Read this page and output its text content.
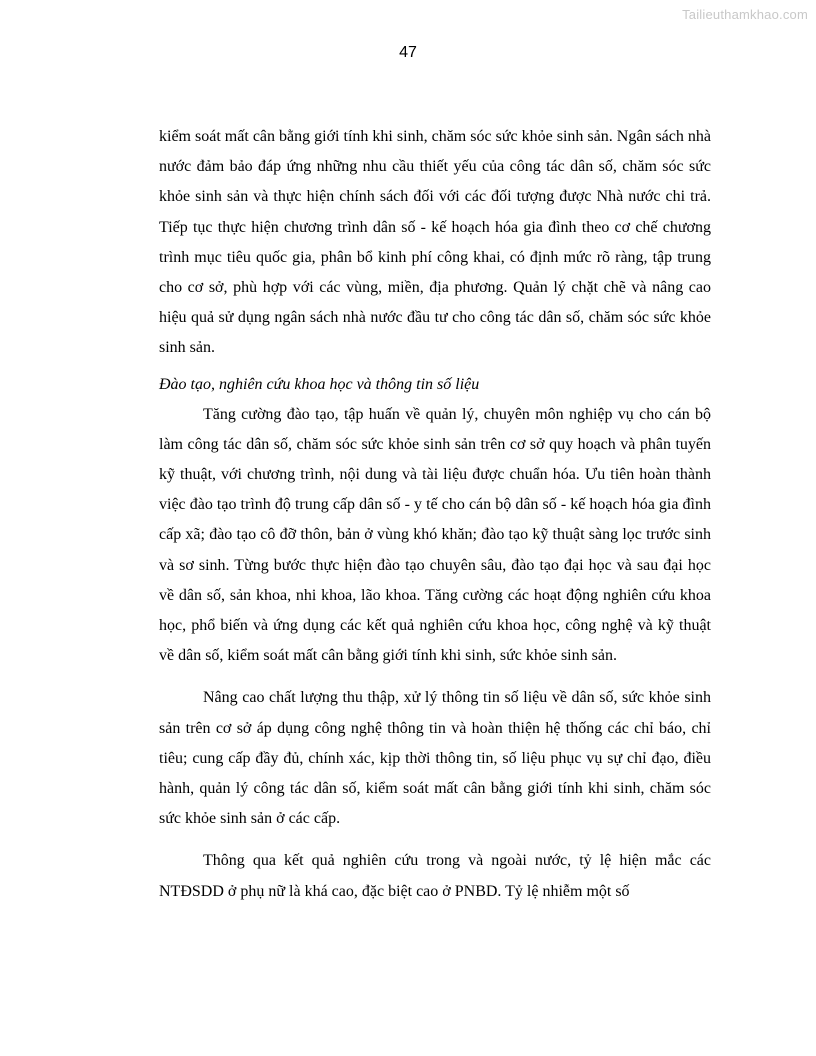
Tailieuthamkhao.com
47

kiểm soát mất cân bằng giới tính khi sinh, chăm sóc sức khỏe sinh sản. Ngân sách nhà nước đảm bảo đáp ứng những nhu cầu thiết yếu của công tác dân số, chăm sóc sức khỏe sinh sản và thực hiện chính sách đối với các đối tượng được Nhà nước chi trả. Tiếp tục thực hiện chương trình dân số - kế hoạch hóa gia đình theo cơ chế chương trình mục tiêu quốc gia, phân bổ kinh phí công khai, có định mức rõ ràng, tập trung cho cơ sở, phù hợp với các vùng, miền, địa phương. Quản lý chặt chẽ và nâng cao hiệu quả sử dụng ngân sách nhà nước đầu tư cho công tác dân số, chăm sóc sức khỏe sinh sản.

Đào tạo, nghiên cứu khoa học và thông tin số liệu

Tăng cường đào tạo, tập huấn về quản lý, chuyên môn nghiệp vụ cho cán bộ làm công tác dân số, chăm sóc sức khỏe sinh sản trên cơ sở quy hoạch và phân tuyến kỹ thuật, với chương trình, nội dung và tài liệu được chuẩn hóa. Ưu tiên hoàn thành việc đào tạo trình độ trung cấp dân số - y tế cho cán bộ dân số - kế hoạch hóa gia đình cấp xã; đào tạo cô đỡ thôn, bản ở vùng khó khăn; đào tạo kỹ thuật sàng lọc trước sinh và sơ sinh. Từng bước thực hiện đào tạo chuyên sâu, đào tạo đại học và sau đại học về dân số, sản khoa, nhi khoa, lão khoa. Tăng cường các hoạt động nghiên cứu khoa học, phổ biến và ứng dụng các kết quả nghiên cứu khoa học, công nghệ và kỹ thuật về dân số, kiểm soát mất cân bằng giới tính khi sinh, sức khỏe sinh sản.

Nâng cao chất lượng thu thập, xử lý thông tin số liệu về dân số, sức khỏe sinh sản trên cơ sở áp dụng công nghệ thông tin và hoàn thiện hệ thống các chỉ báo, chỉ tiêu; cung cấp đầy đủ, chính xác, kịp thời thông tin, số liệu phục vụ sự chỉ đạo, điều hành, quản lý công tác dân số, kiểm soát mất cân bằng giới tính khi sinh, chăm sóc sức khỏe sinh sản ở các cấp.

Thông qua kết quả nghiên cứu trong và ngoài nước, tỷ lệ hiện mắc các NTĐSDD ở phụ nữ là khá cao, đặc biệt cao ở PNBD. Tỷ lệ nhiễm một số
